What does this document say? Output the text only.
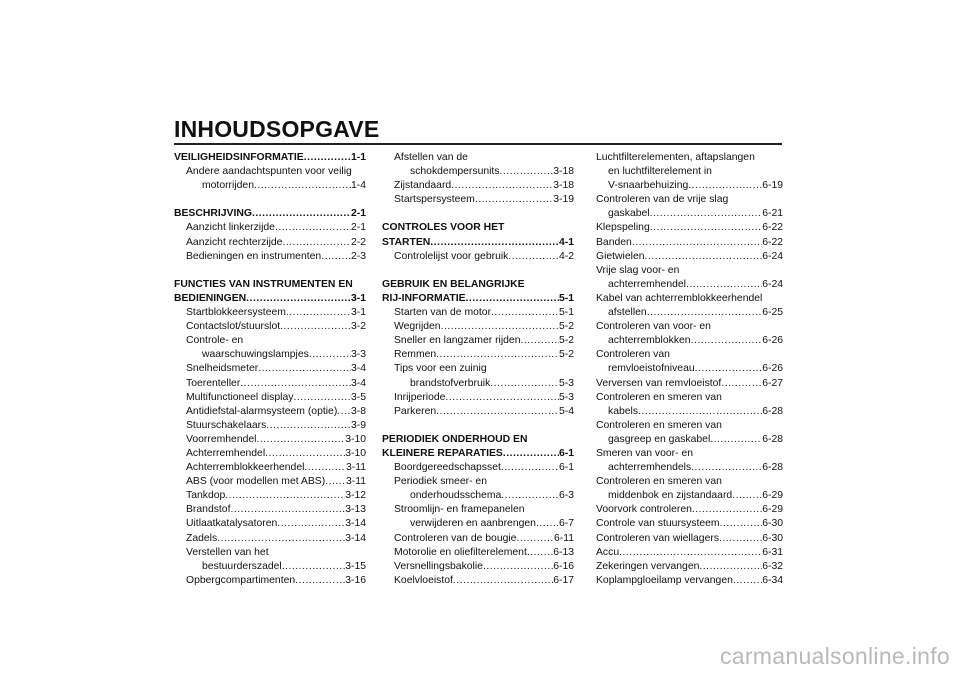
INHOUDSOPGAVE
VEILIGHEIDSINFORMATIE .....	1-1
Andere aandachtspunten voor veilig
motorrijden .....	1-4
BESCHRIJVING .....	2-1
Aanzicht linkerzijde .....	2-1
Aanzicht rechterzijde .....	2-2
Bedieningen en instrumenten .....	2-3
FUNCTIES VAN INSTRUMENTEN EN
BEDIENINGEN .....	3-1
Startblokkeersysteem .....	3-1
Contactslot/stuurslot .....	3-2
Controle- en
waarschuwingslampjes .....	3-3
Snelheidsmeter .....	3-4
Toerenteller .....	3-4
Multifunctioneel display .....	3-5
Antidiefstal-alarmsysteem (optie) ..... 3-8
Stuurschakelaars .....	3-9
Voorremhendel .....	3-10
Achterremhendel .....	3-10
Achterremblokkeerhendel .....	3-11
ABS (voor modellen met ABS) ..... 3-11
Tankdop .....	3-12
Brandstof .....	3-13
Uitlaatkatalysatoren .....	3-14
Zadels .....	3-14
Verstellen van het
bestuurderszadel .....	3-15
Opbergcompartimenten .....	3-16
Afstellen van de
schokdempersunits .....	3-18
Zijstandaard .....	3-18
Startspersysteem .....	3-19
CONTROLES VOOR HET
STARTEN .....	4-1
Controlelijst voor gebruik .....	4-2
GEBRUIK EN BELANGRIJKE
RIJ-INFORMATIE .....	5-1
Starten van de motor .....	5-1
Wegrijden .....	5-2
Sneller en langzamer rijden .....	5-2
Remmen .....	5-2
Tips voor een zuinig
brandstofverbruik .....	5-3
Inrijperiode .....	5-3
Parkeren .....	5-4
PERIODIEK ONDERHOUD EN
KLEINERE REPARATIES .....	6-1
Boordgereedschapsset .....	6-1
Periodiek smeer- en
onderhoudsschema .....	6-3
Stroomlijn- en framepanelen
verwijderen en aanbrengen ..... 6-7
Controleren van de bougie .....	6-11
Motorolie en oliefilterelement .....	6-13
Versnellingsbakolie .....	6-16
Koelvloeistof .....	6-17
Luchtfilterelementen, aftapslangen
en luchtfilterelement in
V-snaarbehuizing .....	6-19
Controleren van de vrije slag
gaskabel .....	6-21
Klepspeling .....	6-22
Banden .....	6-22
Gietwielen .....	6-24
Vrije slag voor- en
achterremhendel .....	6-24
Kabel van achterremblokkeerhendel
afstellen .....	6-25
Controleren van voor- en
achterremblokken .....	6-26
Controleren van
remvloeistofniveau .....	6-26
Verversen van remvloeistof .....	6-27
Controleren en smeren van
kabels .....	6-28
Controleren en smeren van
gasgreep en gaskabel .....	6-28
Smeren van voor- en
achterremhendels .....	6-28
Controleren en smeren van
middenbok en zijstandaard .....	6-29
Voorvork controleren .....	6-29
Controle van stuursysteem .....	6-30
Controleren van wiellagers .....	6-30
Accu .....	6-31
Zekeringen vervangen .....	6-32
Koplampgloeilamp vervangen .....	6-34
carmanualsonline.info
